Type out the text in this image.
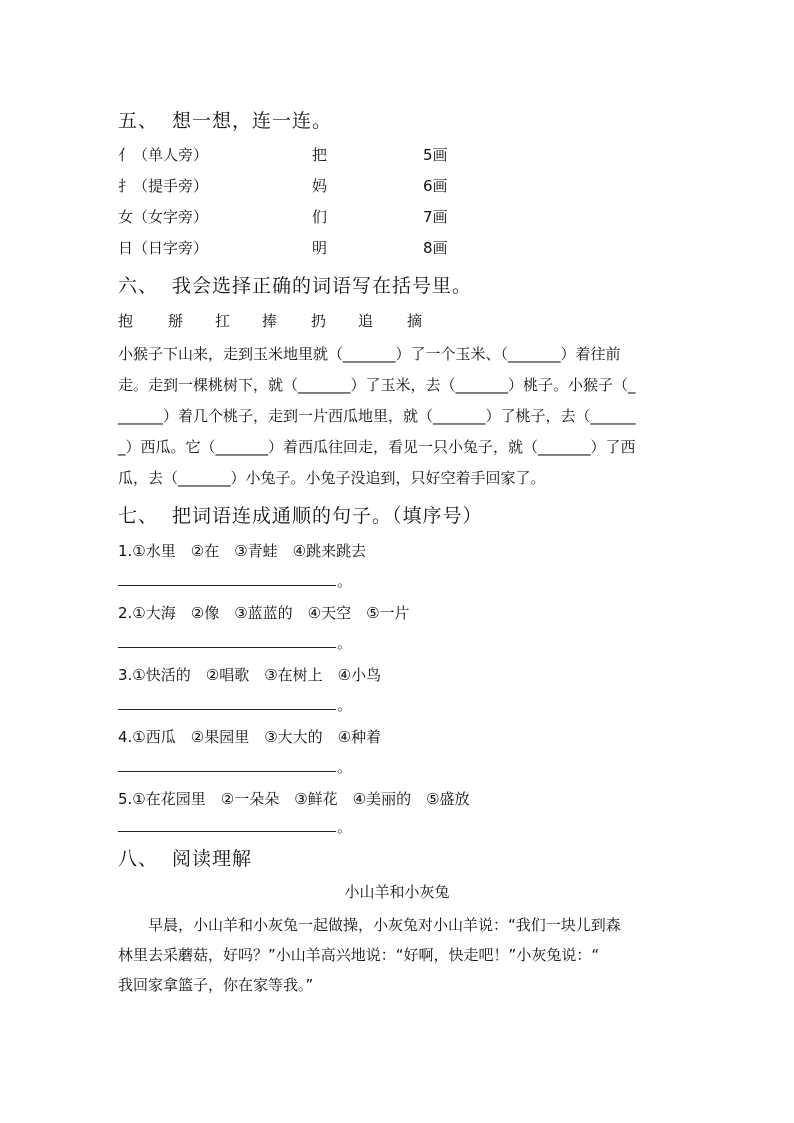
五、 想一想，连一连。
亻（单人旁）	把	5画
扌（提手旁）	妈	6画
女（女字旁）	们	7画
日（日字旁）	明	8画
六、 我会选择正确的词语写在括号里。
抱 掰 扛 捧 扔 追 摘
小猴子下山来，走到玉米地里就（_______）了一个玉米、（_______）着往前
走。走到一棵桃树下，就（_______）了玉米，去（_______）桃子。小猴子（_
______）着几个桃子，走到一片西瓜地里，就（_______）了桃子，去（______
_）西瓜。它（_______）着西瓜往回走，看见一只小兔子，就（_______）了西
瓜，去（_______）小兔子。小兔子没追到，只好空着手回家了。
七、 把词语连成通顺的句子。（填序号）
1.①水里　②在　③青蛙　④跳来跳去
。
2.①大海　②像　③蓝蓝的　④天空　⑤一片
。
3.①快活的　②唱歌　③在树上　④小鸟
。
4.①西瓜　②果园里　③大大的　④种着
。
5.①在花园里　②一朵朵　③鲜花　④美丽的　⑤盛放
。
八、 阅读理解
小山羊和小灰兔
　　早晨，小山羊和小灰兔一起做操，小灰兔对小山羊说：“我们一块儿到森
林里去采蘑菇，好吗？”小山羊高兴地说：“好啊，快走吧！”小灰兔说：“
我回家拿篮子，你在家等我。”
